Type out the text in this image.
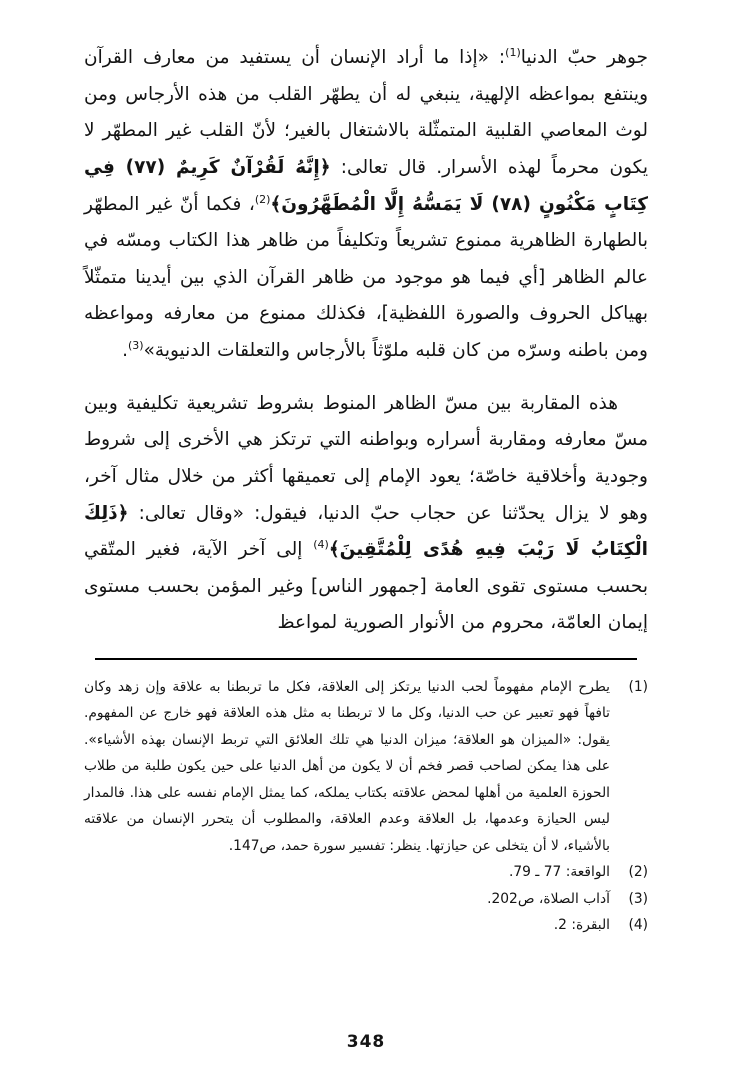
جوهر حبّ الدنيا$^{(1)}$: «إذا ما أراد الإنسان أن يستفيد من معارف القرآن وينتفع بمواعظه الإلهية، ينبغي له أن يطهّر القلب من هذه الأرجاس ومن لوث المعاصي القلبية المتمثّلة بالاشتغال بالغير؛ لأنّ القلب غير المطهّر لا يكون محرماً لهذه الأسرار. قال تعالى: ﴿إِنَّهُ لَقُرْآنٌ كَرِيمٌ (٧٧) فِي كِتَابٍ مَكْنُونٍ (٧٨) لَا يَمَسُّهُ إِلَّا الْمُطَهَّرُونَ﴾$^{(2)}$، فكما أنّ غير المطهّر بالطهارة الظاهرية ممنوع تشريعاً وتكليفاً من ظاهر هذا الكتاب ومسّه في عالم الظاهر [أي فيما هو موجود من ظاهر القرآن الذي بين أيدينا متمثّلاً بهياكل الحروف والصورة اللفظية]، فكذلك ممنوع من معارفه ومواعظه ومن باطنه وسرّه من كان قلبه ملوّثاً بالأرجاس والتعلقات الدنيوية»$^{(3)}$.

هذه المقاربة بين مسّ الظاهر المنوط بشروط تشريعية تكليفية وبين مسّ معارفه ومقاربة أسراره وبواطنه التي ترتكز هي الأخرى إلى شروط وجودية وأخلاقية خاصّة؛ يعود الإمام إلى تعميقها أكثر من خلال مثال آخر، وهو لا يزال يحدّثنا عن حجاب حبّ الدنيا، فيقول: «وقال تعالى: ﴿ذَلِكَ الْكِتَابُ لَا رَيْبَ فِيهِ هُدًى لِلْمُتَّقِينَ﴾$^{(4)}$ إلى آخر الآية، فغير المتّقي بحسب مستوى تقوى العامة [جمهور الناس] وغير المؤمن بحسب مستوى إيمان العامّة، محروم من الأنوار الصورية لمواعظ

(1)
يطرح الإمام مفهوماً لحب الدنيا يرتكز إلى العلاقة، فكل ما تربطنا به علاقة وإن زهد وكان تافهاً فهو تعبير عن حب الدنيا، وكل ما لا تربطنا به مثل هذه العلاقة فهو خارج عن المفهوم. يقول: «الميزان هو العلاقة؛ ميزان الدنيا هي تلك العلائق التي تربط الإنسان بهذه الأشياء». على هذا يمكن لصاحب قصر فخم أن لا يكون من أهل الدنيا على حين يكون طلبة من طلاب الحوزة العلمية من أهلها لمحض علاقته بكتاب يملكه، كما يمثل الإمام نفسه على هذا. فالمدار ليس الحيازة وعدمها، بل العلاقة وعدم العلاقة، والمطلوب أن يتحرر الإنسان من علاقته بالأشياء، لا أن يتخلى عن حيازتها. ينظر: تفسير سورة حمد، ص147‏.
(2)
الواقعة: 77 ـ 79‏.
(3)
آداب الصلاة، ص202‏.
(4)
البقرة: 2‏.
348
